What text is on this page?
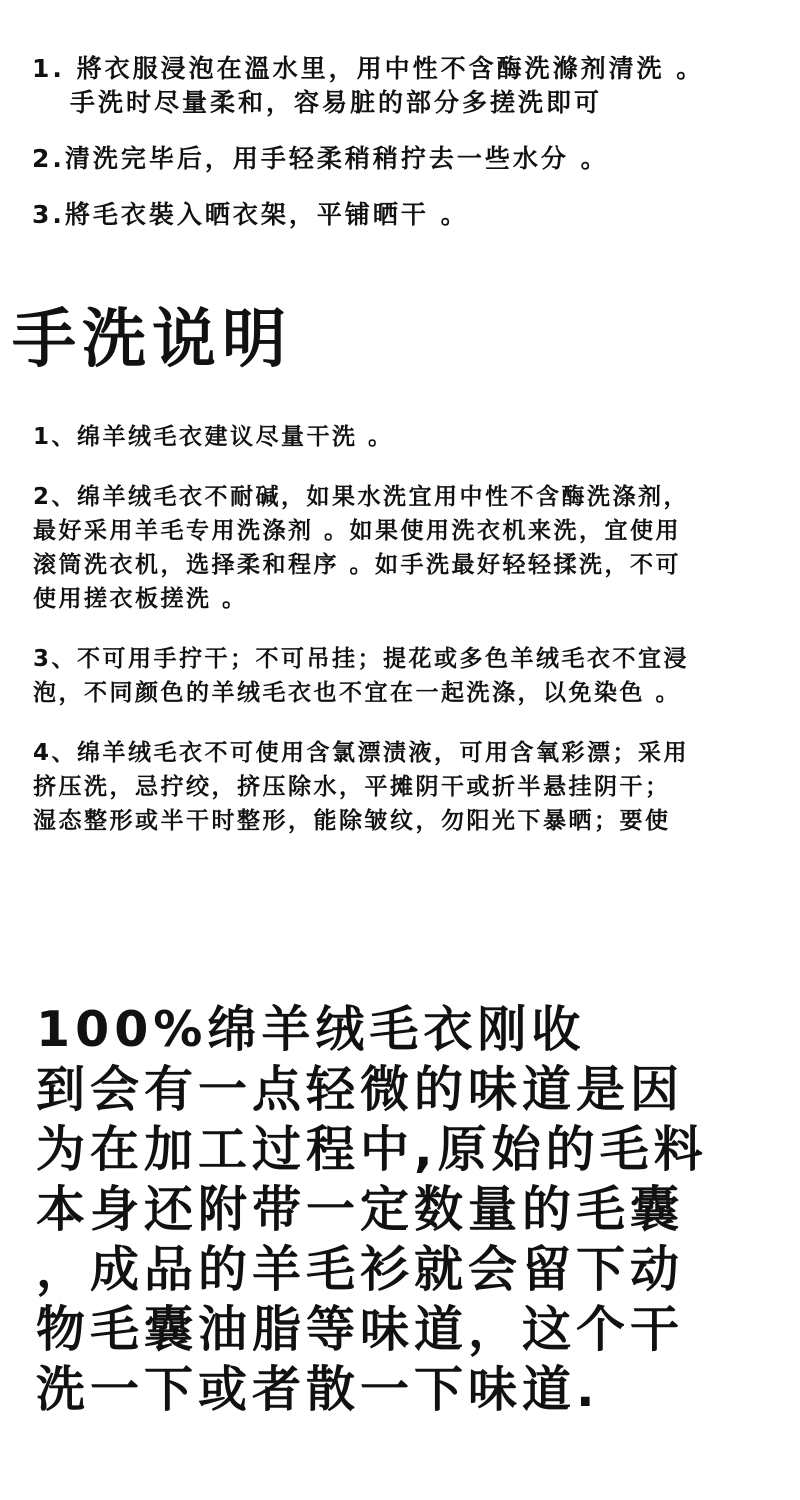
1. 將衣服浸泡在溫水里，用中性不含酶洗滌剂清洗 。
手洗时尽量柔和，容易脏的部分多搓洗即可
2.清洗完毕后，用手轻柔稍稍拧去一些水分 。
3.將毛衣裝入晒衣架，平铺晒干 。
手洗说明
1、绵羊绒毛衣建议尽量干洗 。
2、绵羊绒毛衣不耐碱，如果水洗宜用中性不含酶洗涤剂，
最好采用羊毛专用洗涤剂 。如果使用洗衣机来洗，宜使用
滚筒洗衣机，选择柔和程序 。如手洗最好轻轻揉洗，不可
使用搓衣板搓洗 。
3、不可用手拧干；不可吊挂；提花或多色羊绒毛衣不宜浸
泡，不同颜色的羊绒毛衣也不宜在一起洗涤，以免染色 。
4、绵羊绒毛衣不可使用含氯漂渍液，可用含氧彩漂；采用
挤压洗，忌拧绞，挤压除水，平摊阴干或折半悬挂阴干；
湿态整形或半干时整形，能除皱纹，勿阳光下暴晒；要使
100%绵羊绒毛衣刚收
到会有一点轻微的味道是因
为在加工过程中,原始的毛料
本身还附带一定数量的毛囊
，成品的羊毛衫就会留下动
物毛囊油脂等味道，这个干
洗一下或者散一下味道.
